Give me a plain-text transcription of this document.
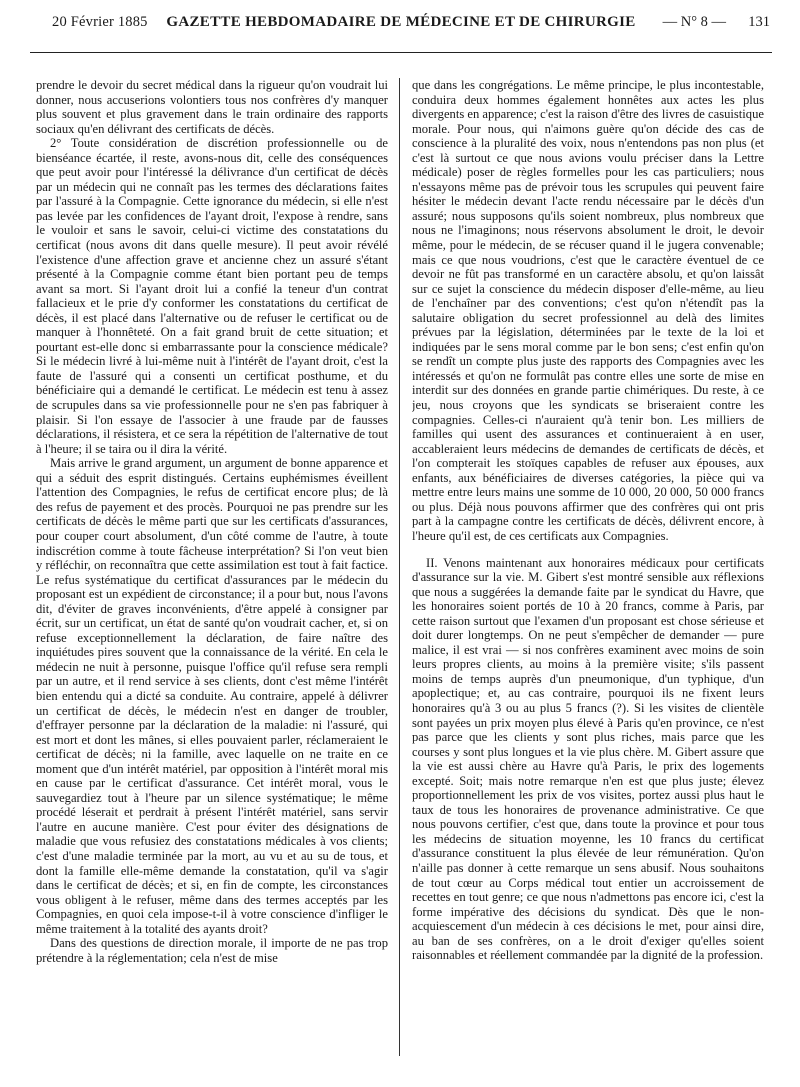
20 Février 1885	GAZETTE HEBDOMADAIRE DE MÉDECINE ET DE CHIRURGIE	— N° 8 — 131

prendre le devoir du secret médical dans la rigueur qu'on voudrait lui donner, nous accuserions volontiers tous nos confrères d'y manquer plus souvent et plus gravement dans le train ordinaire des rapports sociaux qu'en délivrant des certificats de décès.

2° Toute considération de discrétion professionnelle ou de bienséance écartée, il reste, avons-nous dit, celle des conséquences que peut avoir pour l'intéressé la délivrance d'un certificat de décès par un médecin qui ne connaît pas les termes des déclarations faites par l'assuré à la Compagnie. Cette ignorance du médecin, si elle n'est pas levée par les confidences de l'ayant droit, l'expose à rendre, sans le vouloir et sans le savoir, celui-ci victime des constatations du certificat (nous avons dit dans quelle mesure). Il peut avoir révélé l'existence d'une affection grave et ancienne chez un assuré s'étant présenté à la Compagnie comme étant bien portant peu de temps avant sa mort. Si l'ayant droit lui a confié la teneur d'un contrat fallacieux et le prie d'y conformer les constatations du certificat de décès, il est placé dans l'alternative ou de refuser le certificat ou de manquer à l'honnêteté. On a fait grand bruit de cette situation; et pourtant est-elle donc si embarrassante pour la conscience médicale? Si le médecin livré à lui-même nuit à l'intérêt de l'ayant droit, c'est la faute de l'assuré qui a consenti un certificat posthume, et du bénéficiaire qui a demandé le certificat. Le médecin est tenu à assez de scrupules dans sa vie professionnelle pour ne s'en pas fabriquer à plaisir. Si l'on essaye de l'associer à une fraude par de fausses déclarations, il résistera, et ce sera la répétition de l'alternative de tout à l'heure; il se taira ou il dira la vérité.

Mais arrive le grand argument, un argument de bonne apparence et qui a séduit des esprit distingués. Certains euphémismes éveillent l'attention des Compagnies, le refus de certificat encore plus; de là des refus de payement et des procès. Pourquoi ne pas prendre sur les certificats de décès le même parti que sur les certificats d'assurances, pour couper court absolument, d'un côté comme de l'autre, à toute indiscrétion comme à toute fâcheuse interprétation? Si l'on veut bien y réfléchir, on reconnaîtra que cette assimilation est tout à fait factice. Le refus systématique du certificat d'assurances par le médecin du proposant est un expédient de circonstance; il a pour but, nous l'avons dit, d'éviter de graves inconvénients, d'être appelé à consigner par écrit, sur un certificat, un état de santé qu'on voudrait cacher, et, si on refuse exceptionnellement la déclaration, de faire naître des inquiétudes pires souvent que la connaissance de la vérité. En cela le médecin ne nuit à personne, puisque l'office qu'il refuse sera rempli par un autre, et il rend service à ses clients, dont c'est même l'intérêt bien entendu qui a dicté sa conduite. Au contraire, appelé à délivrer un certificat de décès, le médecin n'est en danger de troubler, d'effrayer personne par la déclaration de la maladie: ni l'assuré, qui est mort et dont les mânes, si elles pouvaient parler, réclameraient le certificat de décès; ni la famille, avec laquelle on ne traite en ce moment que d'un intérêt matériel, par opposition à l'intérêt moral mis en cause par le certificat d'assurance. Cet intérêt moral, vous le sauvegardiez tout à l'heure par un silence systématique; le même procédé léserait et perdrait à présent l'intérêt matériel, sans servir l'autre en aucune manière. C'est pour éviter des désignations de maladie que vous refusiez des constatations médicales à vos clients; c'est d'une maladie terminée par la mort, au vu et au su de tous, et dont la famille elle-même demande la constatation, qu'il va s'agir dans le certificat de décès; et si, en fin de compte, les circonstances vous obligent à le refuser, même dans des termes acceptés par les Compagnies, en quoi cela impose-t-il à votre conscience d'infliger le même traitement à la totalité des ayants droit?

Dans des questions de direction morale, il importe de ne pas trop prétendre à la réglementation; cela n'est de mise

que dans les congrégations. Le même principe, le plus incontestable, conduira deux hommes également honnêtes aux actes les plus divergents en apparence; c'est la raison d'être des livres de casuistique morale. Pour nous, qui n'aimons guère qu'on décide des cas de conscience à la pluralité des voix, nous n'entendons pas non plus (et c'est là surtout ce que nous avions voulu préciser dans la Lettre médicale) poser de règles formelles pour les cas particuliers; nous n'essayons même pas de prévoir tous les scrupules qui peuvent faire hésiter le médecin devant l'acte rendu nécessaire par le décès d'un assuré; nous supposons qu'ils soient nombreux, plus nombreux que nous ne l'imaginons; nous réservons absolument le droit, le devoir même, pour le médecin, de se récuser quand il le jugera convenable; mais ce que nous voudrions, c'est que le caractère éventuel de ce devoir ne fût pas transformé en un caractère absolu, et qu'on laissât sur ce sujet la conscience du médecin disposer d'elle-même, au lieu de l'enchaîner par des conventions; c'est qu'on n'étendît pas la salutaire obligation du secret professionnel au delà des limites prévues par la législation, déterminées par le texte de la loi et indiquées par le sens moral comme par le bon sens; c'est enfin qu'on se rendît un compte plus juste des rapports des Compagnies avec les intéressés et qu'on ne formulât pas contre elles une sorte de mise en interdit sur des données en grande partie chimériques. Du reste, à ce jeu, nous croyons que les syndicats se briseraient contre les compagnies. Celles-ci n'auraient qu'à tenir bon. Les milliers de familles qui usent des assurances et continueraient à en user, accableraient leurs médecins de demandes de certificats de décès, et l'on compterait les stoïques capables de refuser aux épouses, aux enfants, aux bénéficiaires de diverses catégories, la pièce qui va mettre entre leurs mains une somme de 10 000, 20 000, 50 000 francs ou plus. Déjà nous pouvons affirmer que des confrères qui ont pris part à la campagne contre les certificats de décès, délivrent encore, à l'heure qu'il est, de ces certificats aux Compagnies.

II. Venons maintenant aux honoraires médicaux pour certificats d'assurance sur la vie. M. Gibert s'est montré sensible aux réflexions que nous a suggérées la demande faite par le syndicat du Havre, que les honoraires soient portés de 10 à 20 francs, comme à Paris, par cette raison surtout que l'examen d'un proposant est chose sérieuse et doit durer longtemps. On ne peut s'empêcher de demander — pure malice, il est vrai — si nos confrères examinent avec moins de soin leurs propres clients, au moins à la première visite; s'ils passent moins de temps auprès d'un pneumonique, d'un typhique, d'un apoplectique; et, au cas contraire, pourquoi ils ne fixent leurs honoraires qu'à 3 ou au plus 5 francs (?). Si les visites de clientèle sont payées un prix moyen plus élevé à Paris qu'en province, ce n'est pas parce que les clients y sont plus riches, mais parce que les courses y sont plus longues et la vie plus chère. M. Gibert assure que la vie est aussi chère au Havre qu'à Paris, le prix des logements excepté. Soit; mais notre remarque n'en est que plus juste; élevez proportionnellement les prix de vos visites, portez aussi plus haut le taux de tous les honoraires de provenance administrative. Ce que nous pouvons certifier, c'est que, dans toute la province et pour tous les médecins de situation moyenne, les 10 francs du certificat d'assurance constituent la plus élevée de leur rémunération. Qu'on n'aille pas donner à cette remarque un sens abusif. Nous souhaitons de tout cœur au Corps médical tout entier un accroissement de recettes en tout genre; ce que nous n'admettons pas encore ici, c'est la forme impérative des décisions du syndicat. Dès que le non-acquiescement d'un médecin à ces décisions le met, pour ainsi dire, au ban de ses confrères, on a le droit d'exiger qu'elles soient raisonnables et réellement commandée par la dignité de la profession.
